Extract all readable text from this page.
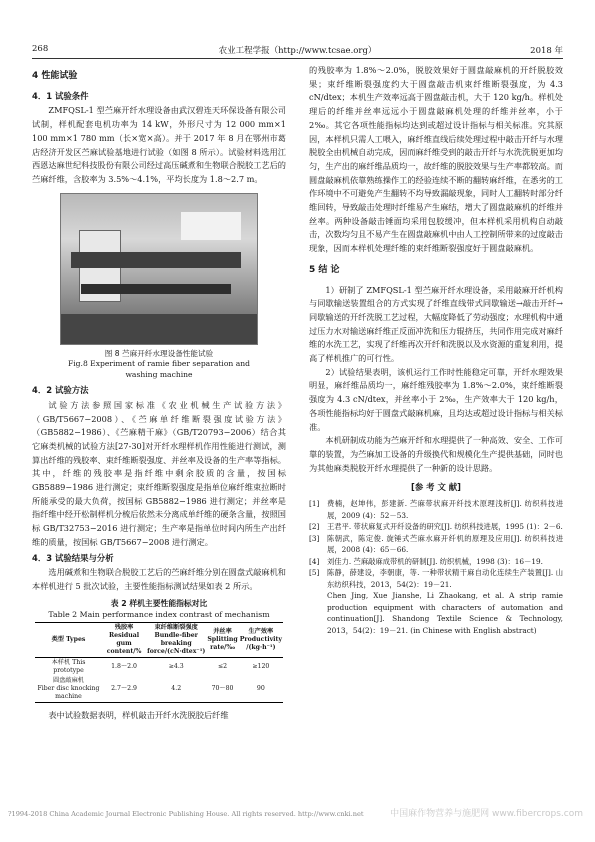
268	农业工程学报（http://www.tcsae.org）	2018 年
4 性能试验
4．1 试验条件

ZMFQSL-1 型苎麻开纤水理设备由武汉碧连天环保设备有限公司试制，样机配套电机功率为 14 kW，外形尺寸为 12 000 mm×1 100 mm×1 780 mm（长×宽×高）。并于 2017 年 8 月在鄂州市葛店经济开发区苎麻试验基地进行试验（如图 8 所示）。试验材料选用江西恩达麻世纪科技股份有限公司经过高压碱煮和生物联合脱胶工艺后的苎麻纤维，含胶率为 3.5%～4.1%，平均长度为 1.8～2.7 m。

图 8 苎麻开纤水理设备性能试验
Fig.8 Experiment of ramie fiber separation and
washing machine
4．2 试验方法

试验方法参照国家标准《农业机械生产试验方法》（GB/T5667−2008）、《苎麻单纤维断裂强度试验方法》（GB5882−1986）、《苎麻精干麻》（GB/T20793−2006）结合其它麻类机械的试验方法[27-30]对开纤水理样机作用性能进行测试，测算出纤维的残胶率、束纤维断裂强度、并丝率及设备的生产率等指标。其中，纤维的残胶率是指纤维中剩余胶质的含量，按国标 GB5889−1986 进行测定；束纤维断裂强度是指单位麻纤维束拉断时所能承受的最大负荷，按国标 GB5882−1986 进行测定；并丝率是指纤维中经开松制样机分梳后依然未分离成单纤维的硬条含量，按照国标 GB/T32753−2016 进行测定；生产率是指单位时间内所生产出纤维的质量，按国标 GB/T5667−2008 进行测定。

4．3 试验结果与分析

选用碱煮和生物联合脱胶工艺后的苎麻纤维分别在圆盘式敲麻机和本样机进行 5 批次试验，主要性能指标测试结果如表 2 所示。

表 2 样机主要性能指标对比
Table 2 Main performance index contrast of mechanism
类型 Types	残胶率
Residual gum
content/%	束纤维断裂强度
Bundle-fiber
breaking
force/(cN·dtex⁻¹)	并丝率
Splitting
rate/‰	生产效率
Productivity
/(kg·h⁻¹)
本样机 This prototype	1.8～2.0	≥4.3	≤2	≥120
圆盘敲麻机
Fiber disc knocking machine	2.7～2.9	4.2	70～80	90

表中试验数据表明，样机敲击开纤水洗脱胶后纤维

的残胶率为 1.8%～2.0%，脱胶效果好于圆盘敲麻机的开纤脱胶效果；束纤维断裂强度约大于圆盘敲击机束纤维断裂强度，为 4.3 cN/dtex；本机生产效率远高于圆盘敲击机，大于 120 kg/h。样机处理后的纤维并丝率远远小于圆盘敲麻机处理的纤维并丝率，小于 2‰。其它各项性能指标均达到或超过设计指标与相关标准。究其原因，本样机只需人工喂入，麻纤维直线后续处理过程中敲击开纤与水理脱胶全由机械自动完成，因而麻纤维受到的敲击开纤与水洗洗脱更加均匀，生产出的麻纤维品质均一，故纤维的脱胶效果与生产率都较高。而圆盘敲麻机依靠熟练操作工的经验连续不断的翻转麻纤维，在悉劣的工作环境中不可避免产生翻转不均导致漏敲现象，同时人工翻转时部分纤维回转，导致敲击处理时纤维易产生麻结，增大了圆盘敲麻机的纤维并丝率。两种设备敲击锤面均采用包胶缓冲，但本样机采用机构自动敲击，次数均匀且不易产生在圆盘敲麻机中由人工控制所带来的过度敲击现象，因而本样机处理纤维的束纤维断裂强度好于圆盘敲麻机。

5 结 论

1）研制了 ZMFQSL-1 型苎麻开纤水理设备，采用敲麻开纤机构与同歇输送装置组合的方式实现了纤维直线带式同歇输送→敲击开纤→同歇输送的开纤洗脱工艺过程，大幅度降低了劳动强度；水理机构中通过压力水对输送麻纤维正反面冲洗和压力辊挤压，共同作用完成对麻纤维的水洗工艺，实现了纤维再次开纤和洗脱以及水资源的重复利用，提高了样机推广的可行性。

2）试验结果表明，该机运行工作时性能稳定可靠，开纤水理效果明显，麻纤维品质均一，麻纤维残胶率为 1.8%～2.0%，束纤维断裂强度为 4.3 cN/dtex，并丝率小于 2‰，生产效率大于 120 kg/h，各项性能指标均好于圆盘式敲麻机麻，且均达或超过设计指标与相关标准。

本机研制成功能为苎麻开纤和水理提供了一种高效、安全、工作可靠的装置，为苎麻加工设备的升级换代和规模化生产提供基础，同时也为其他麻类脱胶开纤水理提供了一种新的设计思路。

[参 考 文 献]
[1]	费楠，赵坤伟，彭建新. 苎麻带状麻开纤技术原理浅析[J]. 纺织科技进展，2009 (4)：52－53.
[2]	王君平. 带状麻复式开纤设备的研究[J]. 纺织科技进展，1995 (1)：2－6.
[3]	陈朝武，陈定俊. 旋锤式苎麻水麻开纤机的原理及应用[J]. 纺织科技进展，2008 (4)：65－66.
[4]	刘佳力. 苎麻敲麻成带机的研制[J]. 纺织机械，1998 (3)：16－19.
[5]	陈静，薛建设，李朝康，等. 一种带状精干麻自动化连续生产装置[J]. 山东纺织科技，2013，54(2)：19－21.
Chen Jing, Xue Jianshe, Li Zhaokang, et al. A strip ramie production equipment with characters of automation and continuation[J]. Shandong Textile Science & Technology, 2013，54(2)：19－21. (in Chinese with English abstract)
?1994-2018 China Academic Journal Electronic Publishing House. All rights reserved. http://www.cnki.net	中国麻作物营养与施肥网 www.fibercrops.com
